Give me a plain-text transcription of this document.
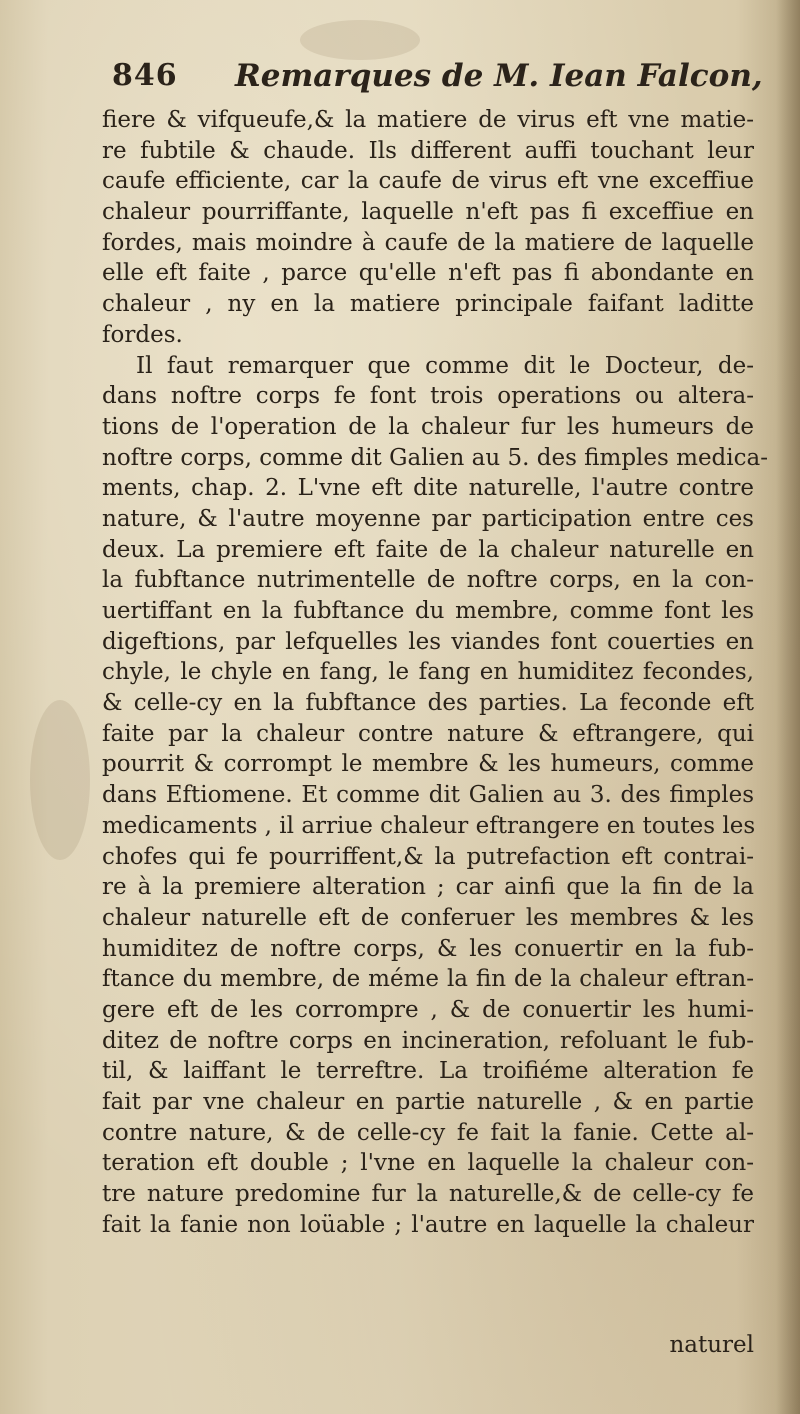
846 Remarques de M. Iean Falcon,
fiere & vifqueufe,& la matiere de virus eft vne matie-
re fubtile & chaude. Ils different auffi touchant leur
caufe efficiente, car la caufe de virus eft vne exceffiue
chaleur pourriffante, laquelle n'eft pas fi exceffiue en
fordes, mais moindre à caufe de la matiere de laquelle
elle eft faite , parce qu'elle n'eft pas fi abondante en
chaleur , ny en la matiere principale faifant laditte
fordes.
Il faut remarquer que comme dit le Docteur, de-
dans noftre corps fe font trois operations ou altera-
tions de l'operation de la chaleur fur les humeurs de
noftre corps, comme dit Galien au 5. des fimples medica-
ments, chap. 2. L'vne eft dite naturelle, l'autre contre
nature, & l'autre moyenne par participation entre ces
deux. La premiere eft faite de la chaleur naturelle en
la fubftance nutrimentelle de noftre corps, en la con-
uertiffant en la fubftance du membre, comme font les
digeftions, par lefquelles les viandes font couerties en
chyle, le chyle en fang, le fang en humiditez fecondes,
& celle-cy en la fubftance des parties. La feconde eft
faite par la chaleur contre nature & eftrangere, qui
pourrit & corrompt le membre & les humeurs, comme
dans Eftiomene. Et comme dit Galien au 3. des fimples
medicaments , il arriue chaleur eftrangere en toutes les
chofes qui fe pourriffent,& la putrefaction eft contrai-
re à la premiere alteration ; car ainfi que la fin de la
chaleur naturelle eft de conferuer les membres & les
humiditez de noftre corps, & les conuertir en la fub-
ftance du membre, de méme la fin de la chaleur eftran-
gere eft de les corrompre , & de conuertir les humi-
ditez de noftre corps en incineration, refoluant le fub-
til, & laiffant le terreftre. La troifiéme alteration fe
fait par vne chaleur en partie naturelle , & en partie
contre nature, & de celle-cy fe fait la fanie. Cette al-
teration eft double ; l'vne en laquelle la chaleur con-
tre nature predomine fur la naturelle,& de celle-cy fe
fait la fanie non loüable ; l'autre en laquelle la chaleur
naturel
